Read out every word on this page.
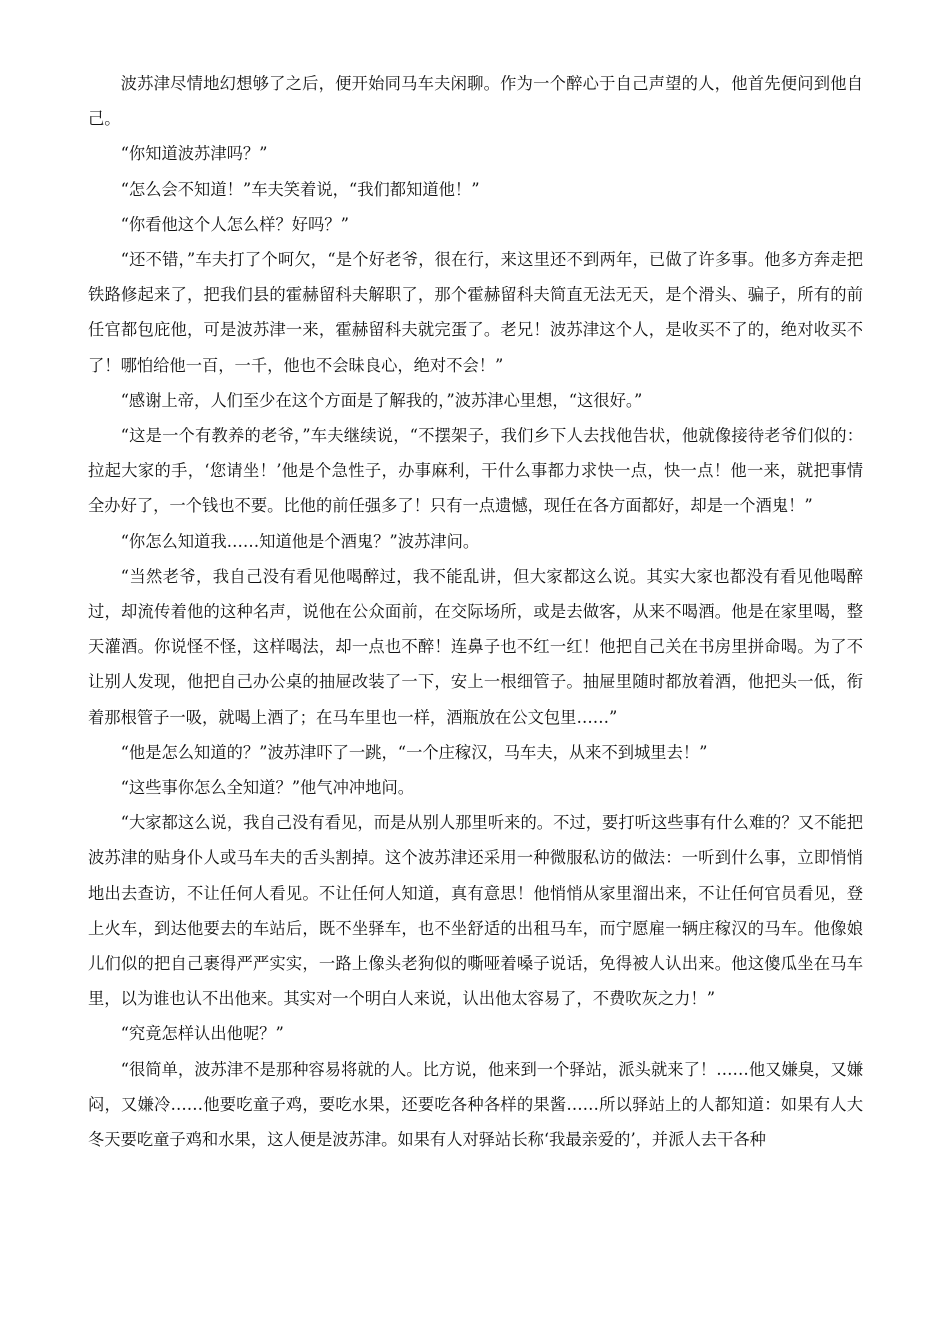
波苏津尽情地幻想够了之后，便开始同马车夫闲聊。作为一个醉心于自己声望的人，他首先便问到他自己。

“你知道波苏津吗？”

“怎么会不知道！”车夫笑着说，“我们都知道他！”

“你看他这个人怎么样？好吗？”

“还不错，”车夫打了个呵欠，“是个好老爷，很在行，来这里还不到两年，已做了许多事。他多方奔走把铁路修起来了，把我们县的霍赫留科夫解职了，那个霍赫留科夫简直无法无天，是个滑头、骗子，所有的前任官都包庇他，可是波苏津一来，霍赫留科夫就完蛋了。老兄！波苏津这个人，是收买不了的，绝对收买不了！哪怕给他一百，一千，他也不会昧良心，绝对不会！”

“感谢上帝，人们至少在这个方面是了解我的，”波苏津心里想，“这很好。”

“这是一个有教养的老爷，”车夫继续说，“不摆架子，我们乡下人去找他告状，他就像接待老爷们似的：拉起大家的手，‘您请坐！’他是个急性子，办事麻利，干什么事都力求快一点，快一点！他一来，就把事情全办好了，一个钱也不要。比他的前任强多了！只有一点遗憾，现任在各方面都好，却是一个酒鬼！”

“你怎么知道我……知道他是个酒鬼？”波苏津问。

“当然老爷，我自己没有看见他喝醉过，我不能乱讲，但大家都这么说。其实大家也都没有看见他喝醉过，却流传着他的这种名声，说他在公众面前，在交际场所，或是去做客，从来不喝酒。他是在家里喝，整天灌酒。你说怪不怪，这样喝法，却一点也不醉！连鼻子也不红一红！他把自己关在书房里拼命喝。为了不让别人发现，他把自己办公桌的抽屉改装了一下，安上一根细管子。抽屉里随时都放着酒，他把头一低，衔着那根管子一吸，就喝上酒了；在马车里也一样，酒瓶放在公文包里……”

“他是怎么知道的？”波苏津吓了一跳，“一个庄稼汉，马车夫，从来不到城里去！”

“这些事你怎么全知道？”他气冲冲地问。

“大家都这么说，我自己没有看见，而是从别人那里听来的。不过，要打听这些事有什么难的？又不能把波苏津的贴身仆人或马车夫的舌头割掉。这个波苏津还采用一种微服私访的做法：一听到什么事，立即悄悄地出去查访，不让任何人看见。不让任何人知道，真有意思！他悄悄从家里溜出来，不让任何官员看见，登上火车，到达他要去的车站后，既不坐驿车，也不坐舒适的出租马车，而宁愿雇一辆庄稼汉的马车。他像娘儿们似的把自己裹得严严实实，一路上像头老狗似的嘶哑着嗓子说话，免得被人认出来。他这傻瓜坐在马车里，以为谁也认不出他来。其实对一个明白人来说，认出他太容易了，不费吹灰之力！”

“究竟怎样认出他呢？”

“很简单，波苏津不是那种容易将就的人。比方说，他来到一个驿站，派头就来了！……他又嫌臭，又嫌闷，又嫌冷……他要吃童子鸡，要吃水果，还要吃各种各样的果酱……所以驿站上的人都知道：如果有人大冬天要吃童子鸡和水果，这人便是波苏津。如果有人对驿站长称‘我最亲爱的’，并派人去干各种
